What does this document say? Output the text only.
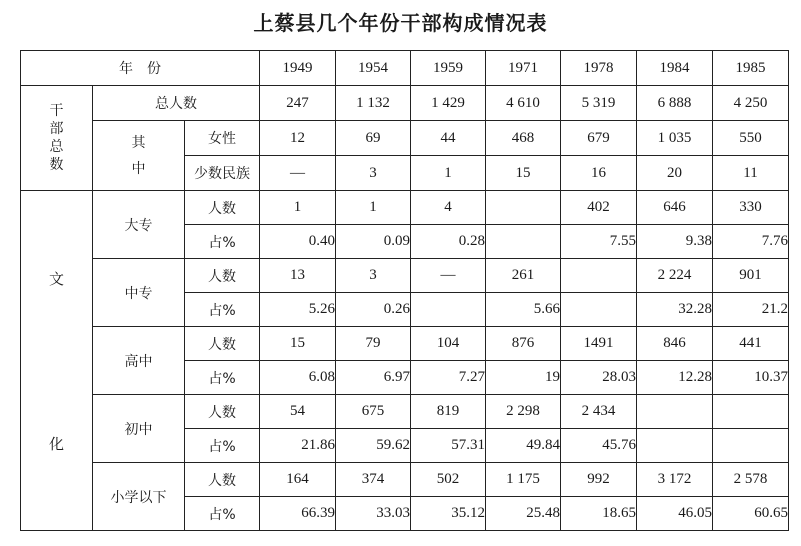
上蔡县几个年份干部构成情况表
年　份			1949	1954	1959	1971	1978	1984	1985

干部总数	总人数		247	1 132	1 429	4 610	5 319	6 888	4 250

	其
中	女性	12	69	44	468	679	1 035	550
		少数民族	—	3	1	15	16	20	11

文
化	大专	人数	1	1	4		402	646	330
		占%	0.40	0.09	0.28		7.55	9.38	7.76
	中专	人数	13	3	—	261		2 224	901
		占%	5.26	0.26		5.66		32.28	21.2
	高中	人数	15	79	104	876	1491	846	441
		占%	6.08	6.97	7.27	19	28.03	12.28	10.37
	初中	人数	54	675	819	2 298	2 434		
		占%	21.86	59.62	57.31	49.84	45.76		
	小学以下	人数	164	374	502	1 175	992	3 172	2 578
		占%	66.39	33.03	35.12	25.48	18.65	46.05	60.65
